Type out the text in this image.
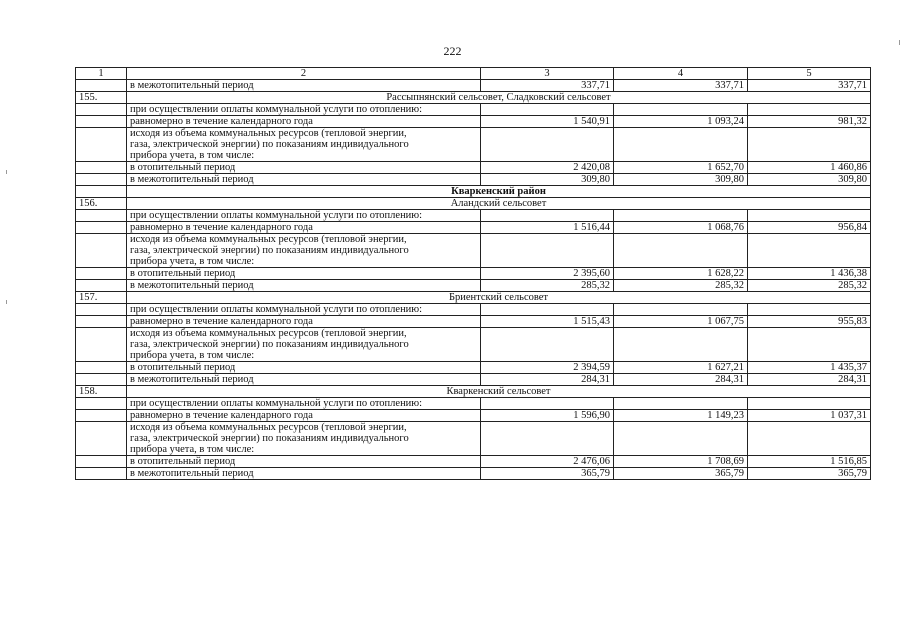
222
1	2	3	4	5
	в межотопительный период	337,71	337,71	337,71
155.	Рассыпнянский сельсовет, Сладковский сельсовет			
	при осуществлении оплаты коммунальной услуги по отоплению:			
	равномерно в течение календарного года	1 540,91	1 093,24	981,32

	исходя из объема коммунальных ресурсов (тепловой энергии,
газа, электрической энергии) по показаниям индивидуального
прибора учета, в том числе:			

	в отопительный период	2 420,08	1 652,70	1 460,86
	в межотопительный период	309,80	309,80	309,80
	Кваркенский район			
156.	Аландский сельсовет			
	при осуществлении оплаты коммунальной услуги по отоплению:			
	равномерно в течение календарного года	1 516,44	1 068,76	956,84

	исходя из объема коммунальных ресурсов (тепловой энергии,
газа, электрической энергии) по показаниям индивидуального
прибора учета, в том числе:			

	в отопительный период	2 395,60	1 628,22	1 436,38
	в межотопительный период	285,32	285,32	285,32
157.	Бриентский сельсовет			
	при осуществлении оплаты коммунальной услуги по отоплению:			
	равномерно в течение календарного года	1 515,43	1 067,75	955,83

	исходя из объема коммунальных ресурсов (тепловой энергии,
газа, электрической энергии) по показаниям индивидуального
прибора учета, в том числе:			

	в отопительный период	2 394,59	1 627,21	1 435,37
	в межотопительный период	284,31	284,31	284,31
158.	Кваркенский сельсовет			
	при осуществлении оплаты коммунальной услуги по отоплению:			
	равномерно в течение календарного года	1 596,90	1 149,23	1 037,31

	исходя из объема коммунальных ресурсов (тепловой энергии,
газа, электрической энергии) по показаниям индивидуального
прибора учета, в том числе:			

	в отопительный период	2 476,06	1 708,69	1 516,85
	в межотопительный период	365,79	365,79	365,79
